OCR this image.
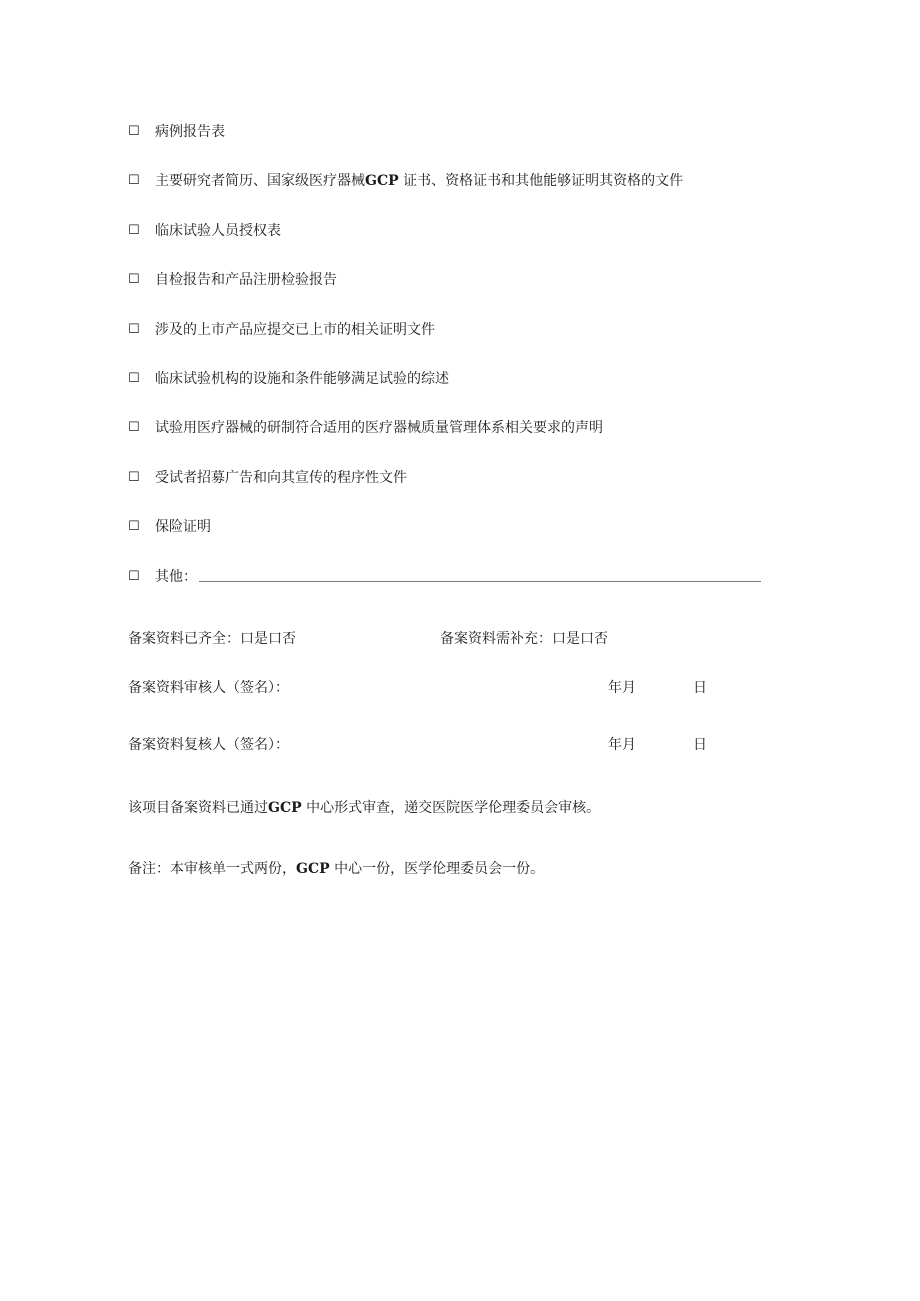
☐ 病例报告表
☐ 主要研究者简历、国家级医疗器械GCP 证书、资格证书和其他能够证明其资格的文件
☐ 临床试验人员授权表
☐ 自检报告和产品注册检验报告
☐ 涉及的上市产品应提交已上市的相关证明文件
☐ 临床试验机构的设施和条件能够满足试验的综述
☐ 试验用医疗器械的研制符合适用的医疗器械质量管理体系相关要求的声明
☐ 受试者招募广告和向其宣传的程序性文件
☐ 保险证明
☐ 其他：
备案资料已齐全：口是口否	备案资料需补充：口是口否
备案资料审核人（签名）：	年月	日
备案资料复核人（签名）：	年月	日
该项目备案资料已通过GCP 中心形式审查，递交医院医学伦理委员会审核。
备注：本审核单一式两份，GCP 中心一份，医学伦理委员会一份。
